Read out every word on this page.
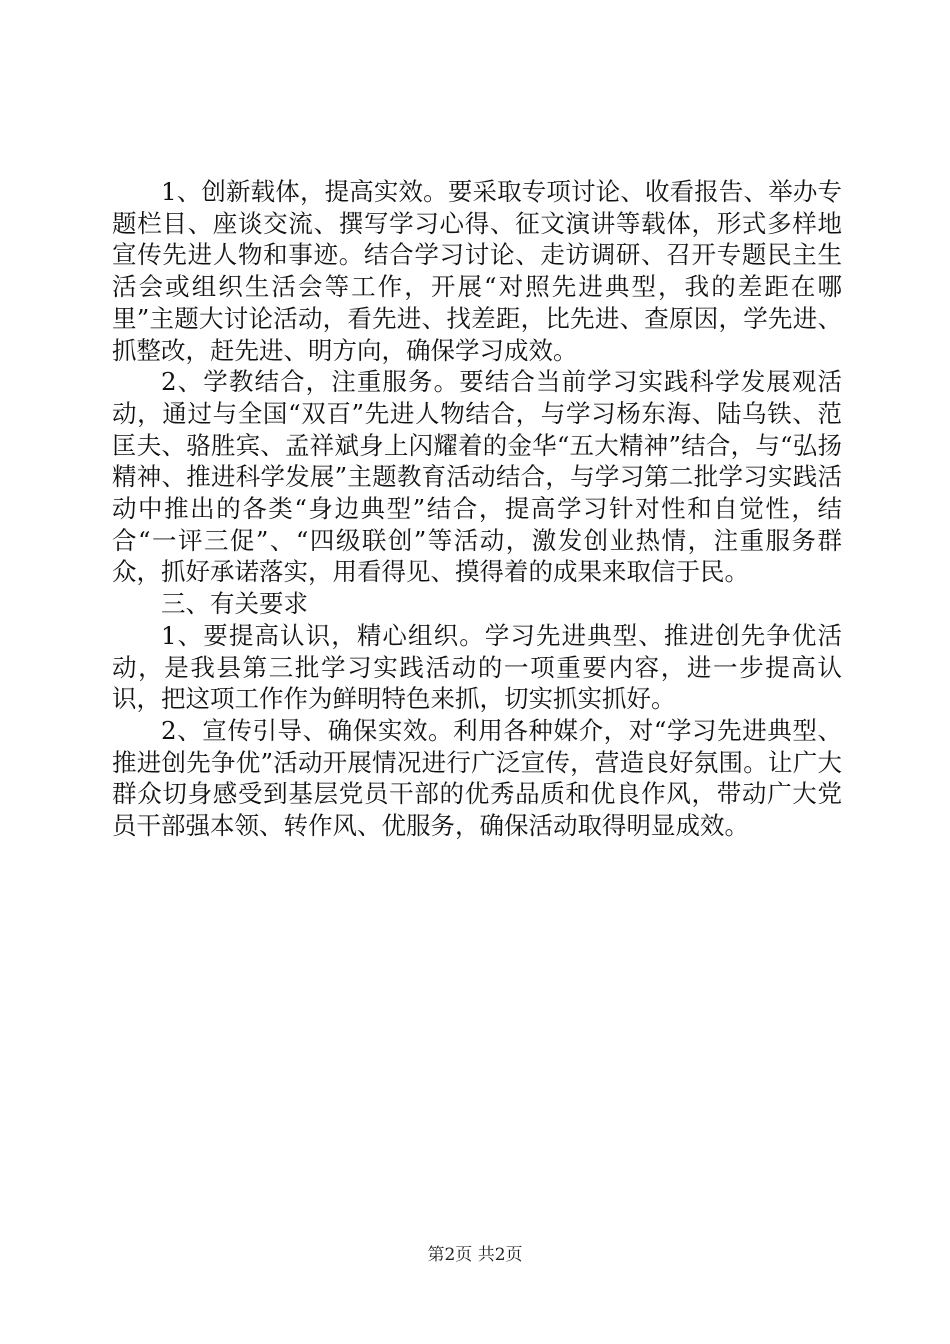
1、创新载体，提高实效。要采取专项讨论、收看报告、举办专题栏目、座谈交流、撰写学习心得、征文演讲等载体，形式多样地宣传先进人物和事迹。结合学习讨论、走访调研、召开专题民主生活会或组织生活会等工作，开展“对照先进典型，我的差距在哪里”主题大讨论活动，看先进、找差距，比先进、查原因，学先进、抓整改，赶先进、明方向，确保学习成效。

2、学教结合，注重服务。要结合当前学习实践科学发展观活动，通过与全国“双百”先进人物结合，与学习杨东海、陆乌铁、范匡夫、骆胜宾、孟祥斌身上闪耀着的金华“五大精神”结合，与“弘扬精神、推进科学发展”主题教育活动结合，与学习第二批学习实践活动中推出的各类“身边典型”结合，提高学习针对性和自觉性，结合“一评三促”、“四级联创”等活动，激发创业热情，注重服务群众，抓好承诺落实，用看得见、摸得着的成果来取信于民。

三、有关要求

1、要提高认识，精心组织。学习先进典型、推进创先争优活动，是我县第三批学习实践活动的一项重要内容，进一步提高认识，把这项工作作为鲜明特色来抓，切实抓实抓好。

2、宣传引导、确保实效。利用各种媒介，对“学习先进典型、推进创先争优”活动开展情况进行广泛宣传，营造良好氛围。让广大群众切身感受到基层党员干部的优秀品质和优良作风，带动广大党员干部强本领、转作风、优服务，确保活动取得明显成效。

第2页 共2页
